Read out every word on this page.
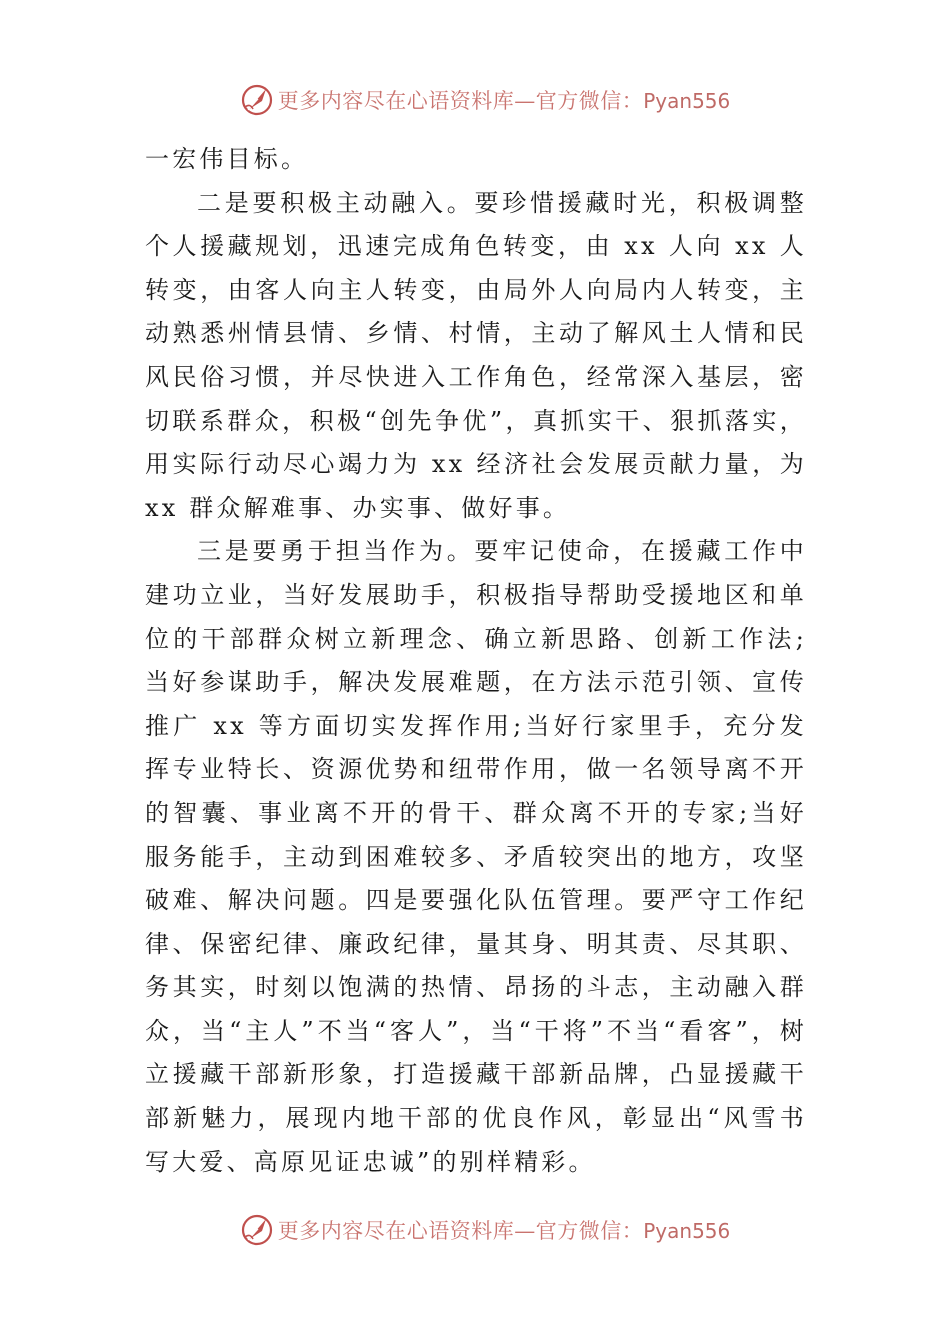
更多内容尽在心语资料库—官方微信：Pyan556

一宏伟目标。

二是要积极主动融入。要珍惜援藏时光，积极调整个人援藏规划，迅速完成角色转变，由 xx 人向 xx 人转变，由客人向主人转变，由局外人向局内人转变，主动熟悉州情县情、乡情、村情，主动了解风土人情和民风民俗习惯，并尽快进入工作角色，经常深入基层，密切联系群众，积极“创先争优”，真抓实干、狠抓落实，用实际行动尽心竭力为 xx 经济社会发展贡献力量，为 xx 群众解难事、办实事、做好事。

三是要勇于担当作为。要牢记使命，在援藏工作中建功立业，当好发展助手，积极指导帮助受援地区和单位的干部群众树立新理念、确立新思路、创新工作法;当好参谋助手，解决发展难题，在方法示范引领、宣传推广 xx 等方面切实发挥作用;当好行家里手，充分发挥专业特长、资源优势和纽带作用，做一名领导离不开的智囊、事业离不开的骨干、群众离不开的专家;当好服务能手，主动到困难较多、矛盾较突出的地方，攻坚破难、解决问题。四是要强化队伍管理。要严守工作纪律、保密纪律、廉政纪律，量其身、明其责、尽其职、务其实，时刻以饱满的热情、昂扬的斗志，主动融入群众，当“主人”不当“客人”，当“干将”不当“看客”，树立援藏干部新形象，打造援藏干部新品牌，凸显援藏干部新魅力，展现内地干部的优良作风，彰显出“风雪书写大爱、高原见证忠诚”的别样精彩。

更多内容尽在心语资料库—官方微信：Pyan556
